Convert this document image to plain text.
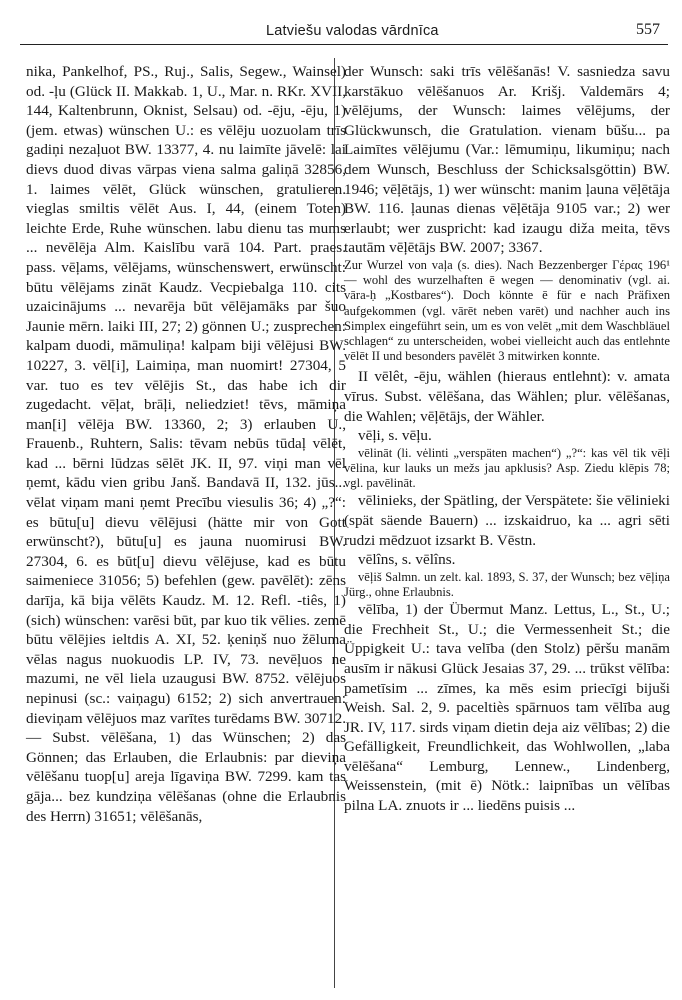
Latviešu valodas vārdnīca	557

nika, Pankelhof, PS., Ruj., Salis, Segew., Wainsel) od. -ļu (Glück II. Makkab. 1, U., Mar. n. RKr. XVII, 144, Kaltenbrunn, Oknist, Selsau) od. -ēju, -ēju, 1) (jem. etwas) wünschen U.: es vēlēju uozuolam trīs gadiņi nezaļuot BW. 13377, 4. nu laimīte jāvelē: lai dievs duod divas vārpas viena salma galiņā 32856, 1. laimes vēlēt, Glück wünschen, gratulieren. vieglas smiltis vēlēt Aus. I, 44, (einem Toten) leichte Erde, Ruhe wünschen. labu dienu tas mums ... nevēlēja Alm. Kaislību varā 104. Part. praes. pass. vēļams, vēlējams, wünschenswert, erwünscht: būtu vēlējams zināt Kaudz. Vecpiebalga 110. cits uzaicinājums ... nevarēja būt vēlējamāks par šuo Jaunie mērn. laiki III, 27; 2) gönnen U.; zusprechen: kalpam duodi, māmuliņa! kalpam biji vēlējusi BW. 10227, 3. vēl[i], Laimiņa, man nuomirt! 27304, 5 var. tuo es tev vēlējis St., das habe ich dir zugedacht. vēļat, brāļi, neliedziet! tēvs, māmiņa man[i] vēlēja BW. 13360, 2; 3) erlauben U., Frauenb., Ruhtern, Salis: tēvam nebūs tūdaļ vēlēt, kad ... bērni lūdzas sēlēt JK. II, 97. viņi man vēl ņemt, kādu vien gribu Janš. Bandavā II, 132. jūs... vēlat viņam mani ņemt Precību viesulis 36; 4) „?“: es būtu[u] dievu vēlējusi (hätte mir von Gott erwünscht?), būtu[u] es jauna nuomirusi BW. 27304, 6. es būt[u] dievu vēlējuse, kad es būtu saimeniece 31056; 5) befehlen (gew. pavēlēt): zēns darīja, kā bija vēlēts Kaudz. M. 12. Refl. -tiês, 1) (sich) wünschen: varēsi būt, par kuo tik vēlies. zemē būtu vēlējies ieltdis A. XI, 52. ķeniņš nuo žēluma vēlas nagus nuokuodis LP. IV, 73. nevēļuos ne mazumi, ne vēl liela uzaugusi BW. 8752. vēlējuos nepinusi (sc.: vaiņagu) 6152; 2) sich anvertrauen: dieviņam vēlējuos maz varītes turēdams BW. 30712. — Subst. vēlēšana, 1) das Wünschen; 2) das Gönnen; das Erlauben, die Erlaubnis: par dieviņa vēlēšanu tuop[u] areja līgaviņa BW. 7299. kam tas gāja... bez kundziņa vēlēšanas (ohne die Erlaubnis des Herrn) 31651; vēlēšanās,

der Wunsch: saki trīs vēlēšanās! V. sasniedza savu karstākuo vēlēšanuos Ar. Krišj. Valdemārs 4; vēlējums, der Wunsch: laimes vēlējums, der Glückwunsch, die Gratulation. vienam būšu... pa Laimītes vēlējumu (Var.: lēmumiņu, likumiņu; nach dem Wunsch, Beschluss der Schicksalsgöttin) BW. 1946; vēļētājs, 1) wer wünscht: manim ļauna vēļētāja BW. 116. ļaunas dienas vēļētāja 9105 var.; 2) wer erlaubt; wer zuspricht: kad izaugu diža meita, tēvs tautām vēļētājs BW. 2007; 3367.

Zur Wurzel von vaļa (s. dies). Nach Bezzenberger Γέρας 196¹ — wohl des wurzelhaften ē wegen — denominativ (vgl. ai. vāra-ḥ „Kostbares“). Doch könnte ē für e nach Präfixen aufgekommen (vgl. vārēt neben varēt) und nachher auch ins Simplex eingeführt sein, um es von velēt „mit dem Waschbläuel schlagen“ zu unterscheiden, wobei vielleicht auch das entlehnte vēlēt II und besonders pavēlēt 3 mitwirken konnte.

II vēlêt, -ēju, wählen (hieraus entlehnt): v. amata vīrus. Subst. vēlēšana, das Wählen; plur. vēlēšanas, die Wahlen; vēļētājs, der Wähler.

vēļi, s. vēļu.

vēlināt (li. vėlinti „verspäten machen“) „?“: kas vēl tik vēļi vēlina, kur lauks un mežs jau apklusis? Asp. Ziedu klēpis 78; vgl. pavēlināt.

vēlinieks, der Spätling, der Verspätete: šie vēlinieki (spät säende Bauern) ... izskaidruo, ka ... agri sēti rudzi mēdzuot izsarkt B. Vēstn.

vēlîns, s. vēlîns.

vēļiš Salmn. un zelt. kal. 1893, S. 37, der Wunsch; bez vēļiņa Jürg., ohne Erlaubnis.

vēlība, 1) der Übermut Manz. Lettus, L., St., U.; die Frechheit St., U.; die Vermessenheit St.; die Üppigkeit U.: tava velība (den Stolz) pēršu manām ausīm ir nākusi Glück Jesaias 37, 29. ... trūkst vēlība: pametīsim ... zīmes, ka mēs esim priecīgi bijuši Weish. Sal. 2, 9. paceltiès spārnuos tam vēlība aug JR. IV, 117. sirds viņam dietin deja aiz vēlības; 2) die Gefälligkeit, Freundlichkeit, das Wohlwollen, „laba vēlēšana“ Lemburg, Lennew., Lindenberg, Weissenstein, (mit ē) Nötk.: laipnības un vēlības pilna LA. znuots ir ... liedēns puisis ...
